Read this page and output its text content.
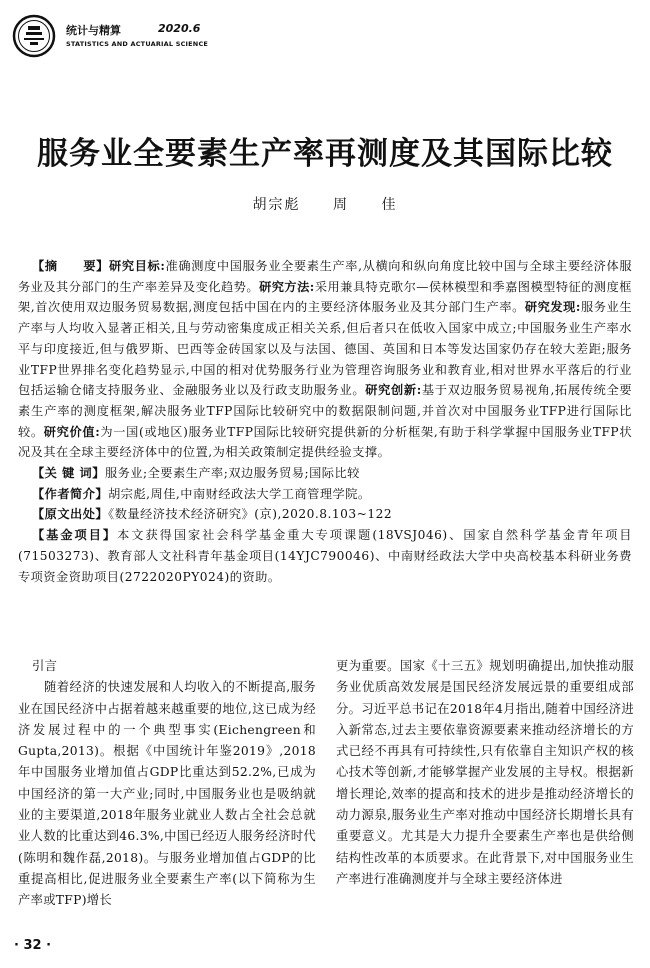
统计与精算	2020.6
STATISTICS AND ACTUARIAL SCIENCE
服务业全要素生产率再测度及其国际比较
胡宗彪 周 佳

【摘　　要】研究目标:准确测度中国服务业全要素生产率,从横向和纵向角度比较中国与全球主要经济体服务业及其分部门的生产率差异及变化趋势。研究方法:采用兼具特克歌尔—侯林模型和季嘉图模型特征的测度框架,首次使用双边服务贸易数据,测度包括中国在内的主要经济体服务业及其分部门生产率。研究发现:服务业生产率与人均收入显著正相关,且与劳动密集度成正相关关系,但后者只在低收入国家中成立;中国服务业生产率水平与印度接近,但与俄罗斯、巴西等金砖国家以及与法国、德国、英国和日本等发达国家仍存在较大差距;服务业TFP世界排名变化趋势显示,中国的相对优势服务行业为管理咨询服务业和教育业,相对世界水平落后的行业包括运输仓储支持服务业、金融服务业以及行政支助服务业。研究创新:基于双边服务贸易视角,拓展传统全要素生产率的测度框架,解决服务业TFP国际比较研究中的数据限制问题,并首次对中国服务业TFP进行国际比较。研究价值:为一国(或地区)服务业TFP国际比较研究提供新的分析框架,有助于科学掌握中国服务业TFP状况及其在全球主要经济体中的位置,为相关政策制定提供经验支撑。

【关 键 词】服务业;全要素生产率;双边服务贸易;国际比较

【作者简介】胡宗彪,周佳,中南财经政法大学工商管理学院。

【原文出处】《数量经济技术经济研究》(京),2020.8.103~122

【基金项目】本文获得国家社会科学基金重大专项课题(18VSJ046)、国家自然科学基金青年项目(71503273)、教育部人文社科青年基金项目(14YJC790046)、中南财经政法大学中央高校基本科研业务费专项资金资助项目(2722020PY024)的资助。

引言

随着经济的快速发展和人均收入的不断提高,服务业在国民经济中占据着越来越重要的地位,这已成为经济发展过程中的一个典型事实(Eichengreen和Gupta,2013)。根据《中国统计年鉴2019》,2018年中国服务业增加值占GDP比重达到52.2%,已成为中国经济的第一大产业;同时,中国服务业也是吸纳就业的主要渠道,2018年服务业就业人数占全社会总就业人数的比重达到46.3%,中国已经迈人服务经济时代(陈明和魏作磊,2018)。与服务业增加值占GDP的比重提高相比,促进服务业全要素生产率(以下简称为生产率或TFP)增长

更为重要。国家《十三五》规划明确提出,加快推动服务业优质高效发展是国民经济发展远景的重要组成部分。习近平总书记在2018年4月指出,随着中国经济进入新常态,过去主要依靠资源要素来推动经济增长的方式已经不再具有可持续性,只有依靠自主知识产权的核心技术等创新,才能够掌握产业发展的主导权。根据新增长理论,效率的提高和技术的进步是推动经济增长的动力源泉,服务业生产率对推动中国经济长期增长具有重要意义。尤其是大力提升全要素生产率也是供给侧结构性改革的本质要求。在此背景下,对中国服务业生产率进行准确测度并与全球主要经济体进

· 32 ·
